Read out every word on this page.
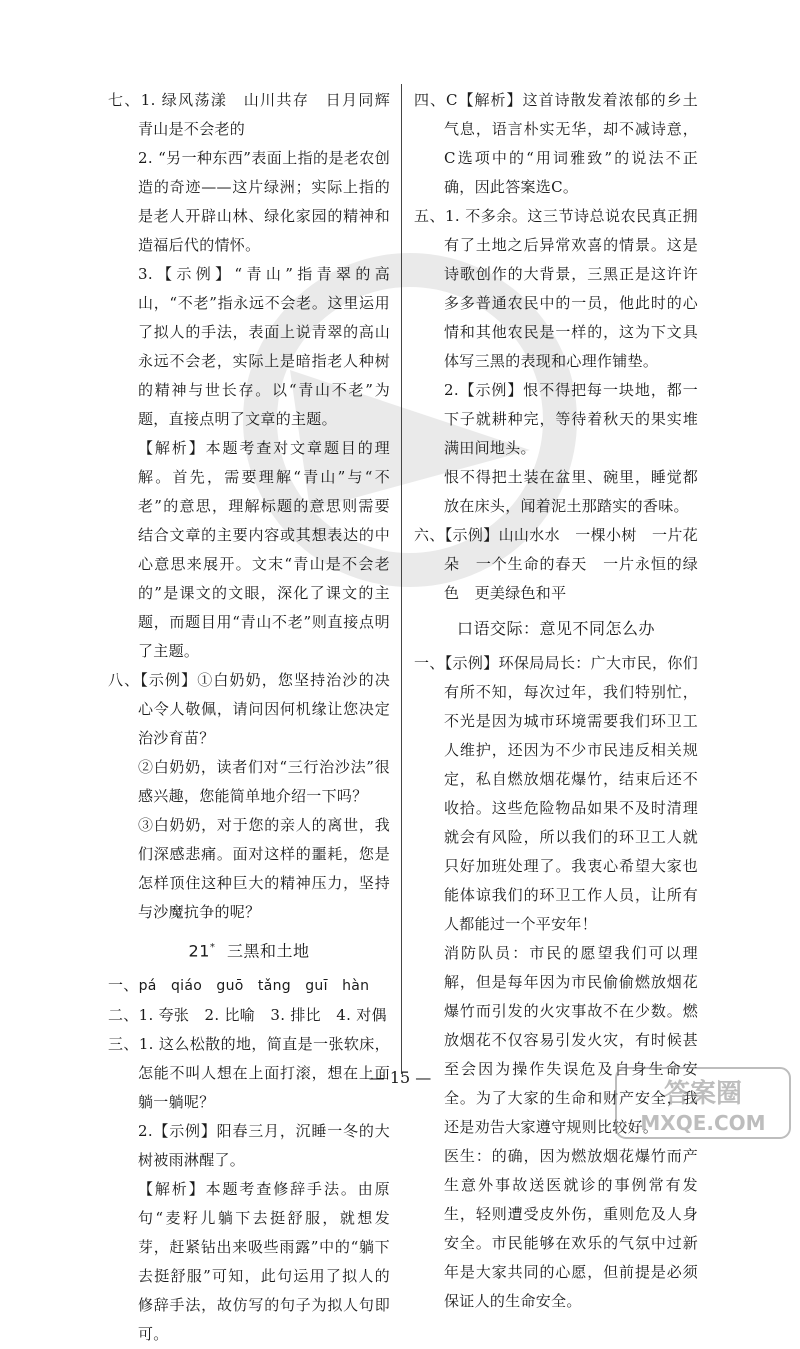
七、1. 绿风荡漾　山川共存　日月同辉　青山是不会老的

2. “另一种东西”表面上指的是老农创造的奇迹——这片绿洲；实际上指的是老人开辟山林、绿化家园的精神和造福后代的情怀。

3.【示例】“青山”指青翠的高山，“不老”指永远不会老。这里运用了拟人的手法，表面上说青翠的高山永远不会老，实际上是暗指老人种树的精神与世长存。以“青山不老”为题，直接点明了文章的主题。

【解析】本题考查对文章题目的理解。首先，需要理解“青山”与“不老”的意思，理解标题的意思则需要结合文章的主要内容或其想表达的中心意思来展开。文末“青山是不会老的”是课文的文眼，深化了课文的主题，而题目用“青山不老”则直接点明了主题。

八、【示例】①白奶奶，您坚持治沙的决心令人敬佩，请问因何机缘让您决定治沙育苗？

②白奶奶，读者们对“三行治沙法”很感兴趣，您能简单地介绍一下吗？

③白奶奶，对于您的亲人的离世，我们深感悲痛。面对这样的噩耗，您是怎样顶住这种巨大的精神压力，坚持与沙魔抗争的呢？

21* 三黑和土地

一、pá　qiáo　guō　tǎng　guī　hàn

二、1. 夸张　2. 比喻　3. 排比　4. 对偶

三、1. 这么松散的地，简直是一张软床，怎能不叫人想在上面打滚，想在上面躺一躺呢？

2.【示例】阳春三月，沉睡一冬的大树被雨淋醒了。

【解析】本题考查修辞手法。由原句“麦籽儿躺下去挺舒服，就想发芽，赶紧钻出来吸些雨露”中的“躺下去挺舒服”可知，此句运用了拟人的修辞手法，故仿写的句子为拟人句即可。

四、C【解析】这首诗散发着浓郁的乡土气息，语言朴实无华，却不减诗意，C选项中的“用词雅致”的说法不正确，因此答案选C。

五、1. 不多余。这三节诗总说农民真正拥有了土地之后异常欢喜的情景。这是诗歌创作的大背景，三黑正是这许许多多普通农民中的一员，他此时的心情和其他农民是一样的，这为下文具体写三黑的表现和心理作铺垫。

2.【示例】恨不得把每一块地，都一下子就耕种完，等待着秋天的果实堆满田间地头。

恨不得把土装在盆里、碗里，睡觉都放在床头，闻着泥土那踏实的香味。

六、【示例】山山水水　一棵小树　一片花朵　一个生命的春天　一片永恒的绿色　更美绿色和平

口语交际：意见不同怎么办

一、【示例】环保局局长：广大市民，你们有所不知，每次过年，我们特别忙，不光是因为城市环境需要我们环卫工人维护，还因为不少市民违反相关规定，私自燃放烟花爆竹，结束后还不收拾。这些危险物品如果不及时清理就会有风险，所以我们的环卫工人就只好加班处理了。我衷心希望大家也能体谅我们的环卫工作人员，让所有人都能过一个平安年！

消防队员：市民的愿望我们可以理解，但是每年因为市民偷偷燃放烟花爆竹而引发的火灾事故不在少数。燃放烟花不仅容易引发火灾，有时候甚至会因为操作失误危及自身生命安全。为了大家的生命和财产安全，我还是劝告大家遵守规则比较好。

医生：的确，因为燃放烟花爆竹而产生意外事故送医就诊的事例常有发生，轻则遭受皮外伤，重则危及人身安全。市民能够在欢乐的气氛中过新年是大家共同的心愿，但前提是必须保证人的生命安全。

— 15 —
答案圈
MXQE.COM
